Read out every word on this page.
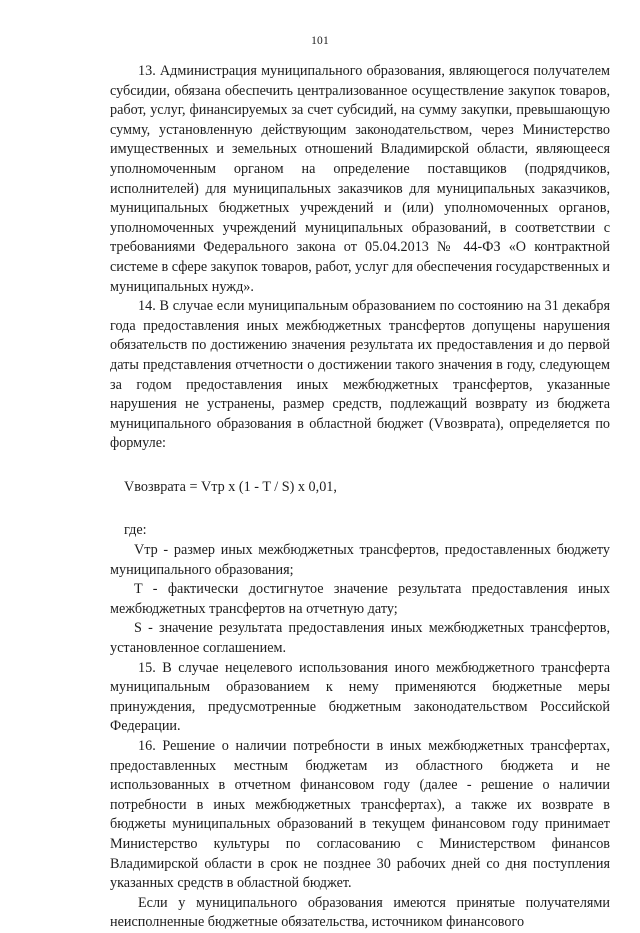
101

13. Администрация муниципального образования, являющегося получателем субсидии, обязана обеспечить централизованное осуществление закупок товаров, работ, услуг, финансируемых за счет субсидий, на сумму закупки, превышающую сумму, установленную действующим законодательством, через Министерство имущественных и земельных отношений Владимирской области, являющееся уполномоченным органом на определение поставщиков (подрядчиков, исполнителей) для муниципальных заказчиков для муниципальных заказчиков, муниципальных бюджетных учреждений и (или) уполномоченных органов, уполномоченных учреждений муниципальных образований, в соответствии с требованиями Федерального закона от 05.04.2013 № 44-ФЗ «О контрактной системе в сфере закупок товаров, работ, услуг для обеспечения государственных и муниципальных нужд».

14. В случае если муниципальным образованием по состоянию на 31 декабря года предоставления иных межбюджетных трансфертов допущены нарушения обязательств по достижению значения результата их предоставления и до первой даты представления отчетности о достижении такого значения в году, следующем за годом предоставления иных межбюджетных трансфертов, указанные нарушения не устранены, размер средств, подлежащий возврату из бюджета муниципального образования в областной бюджет (Vвозврата), определяется по формуле:

Vвозврата = Vтр x (1 - T / S) x 0,01,

где:

Vтр - размер иных межбюджетных трансфертов, предоставленных бюджету муниципального образования;

T - фактически достигнутое значение результата предоставления иных межбюджетных трансфертов на отчетную дату;

S - значение результата предоставления иных межбюджетных трансфертов, установленное соглашением.

15. В случае нецелевого использования иного межбюджетного трансферта муниципальным образованием к нему применяются бюджетные меры принуждения, предусмотренные бюджетным законодательством Российской Федерации.

16. Решение о наличии потребности в иных межбюджетных трансфертах, предоставленных местным бюджетам из областного бюджета и не использованных в отчетном финансовом году (далее - решение о наличии потребности в иных межбюджетных трансфертах), а также их возврате в бюджеты муниципальных образований в текущем финансовом году принимает Министерство культуры по согласованию с Министерством финансов Владимирской области в срок не позднее 30 рабочих дней со дня поступления указанных средств в областной бюджет.

Если у муниципального образования имеются принятые получателями неисполненные бюджетные обязательства, источником финансового
